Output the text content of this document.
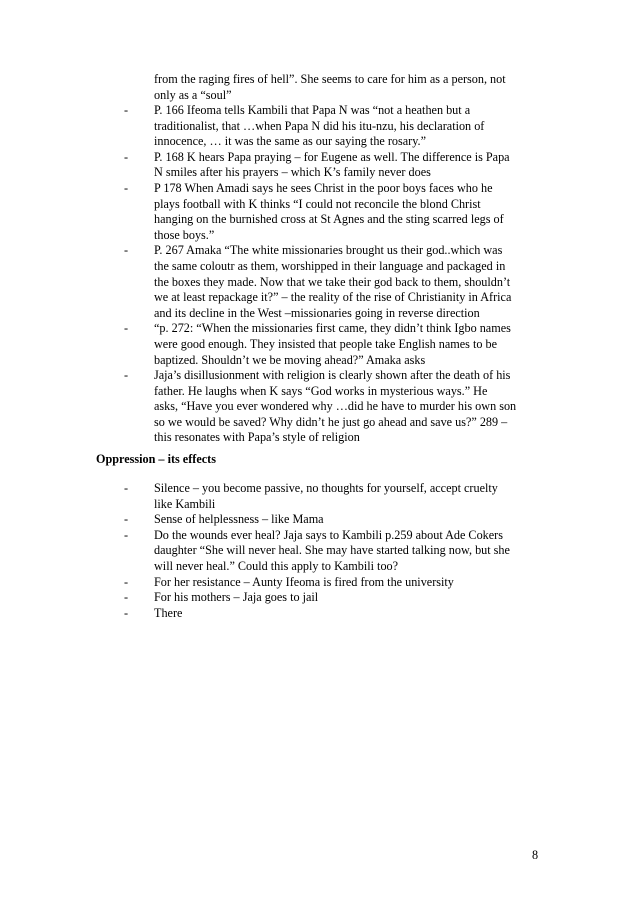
from the raging fires of hell”. She seems to care for him as a person, not
only as a “soul”
- P. 166 Ifeoma tells Kambili that Papa N was “not a heathen but a
traditionalist, that …when Papa N did his itu-nzu, his declaration of
innocence, … it was the same as our saying the rosary.”
- P. 168 K hears Papa praying – for Eugene as well. The difference is Papa
N smiles after his prayers – which K’s family never does
- P 178 When Amadi says he sees Christ in the poor boys faces who he
plays football with K thinks “I could not reconcile the blond Christ
hanging on the burnished cross at St Agnes and the sting scarred legs of
those boys.”
- P. 267 Amaka “The white missionaries brought us their god..which was
the same coloutr as them, worshipped in their language and packaged in
the boxes they made. Now that we take their god back to them, shouldn’t
we at least repackage it?” – the reality of the rise of Christianity in Africa
and its decline in the West –missionaries going in reverse direction
- “p. 272: “When the missionaries first came, they didn’t think Igbo names
were good enough. They insisted that people take English names to be
baptized. Shouldn’t we be moving ahead?” Amaka asks
- Jaja’s disillusionment with religion is clearly shown after the death of his
father. He laughs when K says “God works in mysterious ways.” He
asks, “Have you ever wondered why …did he have to murder his own son
so we would be saved? Why didn’t he just go ahead and save us?” 289 –
this resonates with Papa’s style of religion
Oppression – its effects
- Silence – you become passive, no thoughts for yourself, accept cruelty
like Kambili
- Sense of helplessness – like Mama
- Do the wounds ever heal? Jaja says to Kambili p.259 about Ade Cokers
daughter “She will never heal. She may have started talking now, but she
will never heal.” Could this apply to Kambili too?
- For her resistance – Aunty Ifeoma is fired from the university
- For his mothers – Jaja goes to jail
- There
8
